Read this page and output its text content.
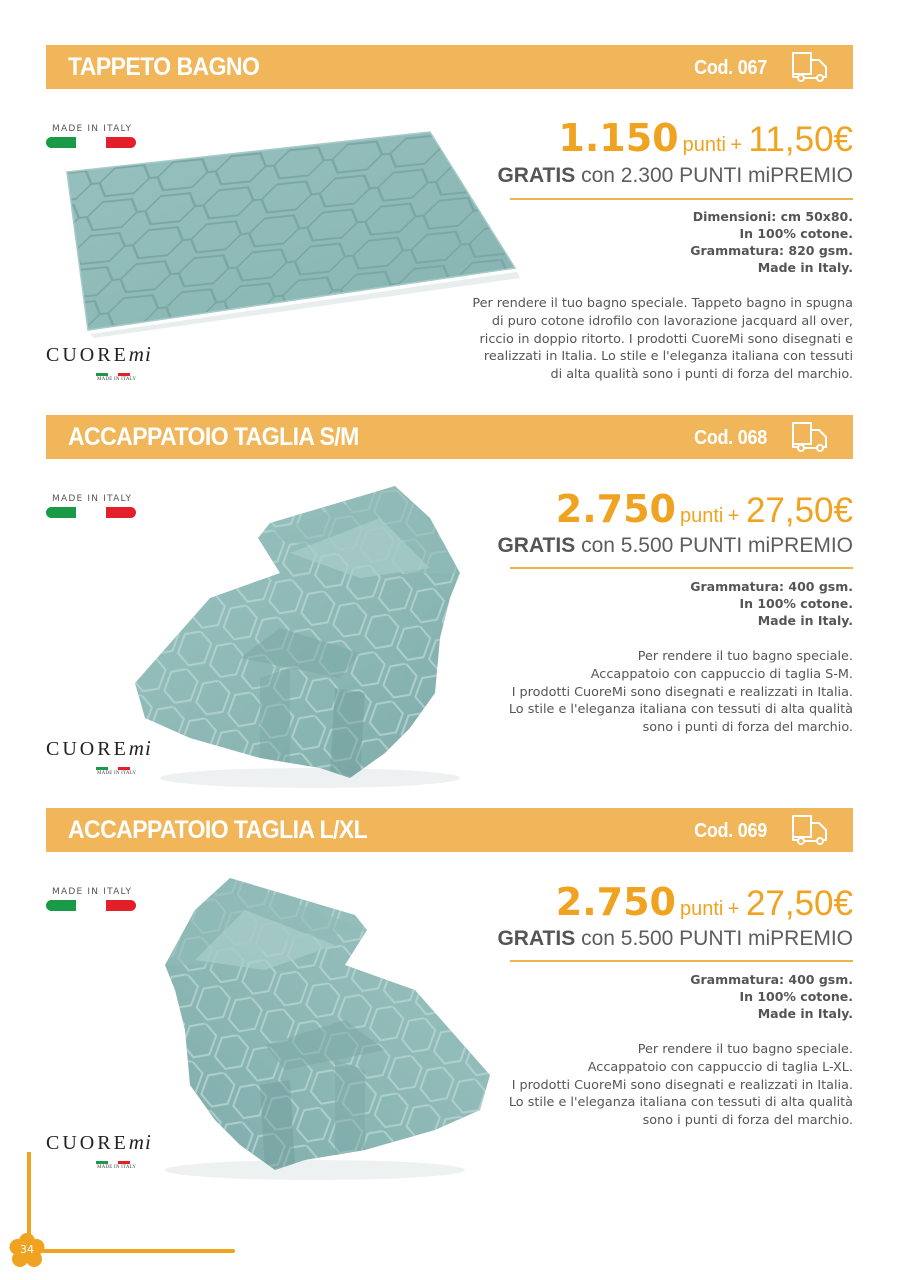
TAPPETO BAGNO	Cod. 067
MADE IN ITALY
CUOREmi
MADE IN ITALY
1.150 punti + 11,50€
GRATIS con 2.300 PUNTI miPREMIO
Dimensioni: cm 50x80.
In 100% cotone.
Grammatura: 820 gsm.
Made in Italy.
Per rendere il tuo bagno speciale. Tappeto bagno in spugna
di puro cotone idrofilo con lavorazione jacquard all over,
riccio in doppio ritorto. I prodotti CuoreMi sono disegnati e
realizzati in Italia. Lo stile e l'eleganza italiana con tessuti
di alta qualità sono i punti di forza del marchio.
ACCAPPATOIO TAGLIA S/M	Cod. 068
MADE IN ITALY
CUOREmi
MADE IN ITALY
2.750 punti + 27,50€
GRATIS con 5.500 PUNTI miPREMIO
Grammatura: 400 gsm.
In 100% cotone.
Made in Italy.
Per rendere il tuo bagno speciale.
Accappatoio con cappuccio di taglia S-M.
I prodotti CuoreMi sono disegnati e realizzati in Italia.
Lo stile e l'eleganza italiana con tessuti di alta qualità
sono i punti di forza del marchio.
ACCAPPATOIO TAGLIA L/XL	Cod. 069
MADE IN ITALY
CUOREmi
MADE IN ITALY
2.750 punti + 27,50€
GRATIS con 5.500 PUNTI miPREMIO
Grammatura: 400 gsm.
In 100% cotone.
Made in Italy.
Per rendere il tuo bagno speciale.
Accappatoio con cappuccio di taglia L-XL.
I prodotti CuoreMi sono disegnati e realizzati in Italia.
Lo stile e l'eleganza italiana con tessuti di alta qualità
sono i punti di forza del marchio.
34
